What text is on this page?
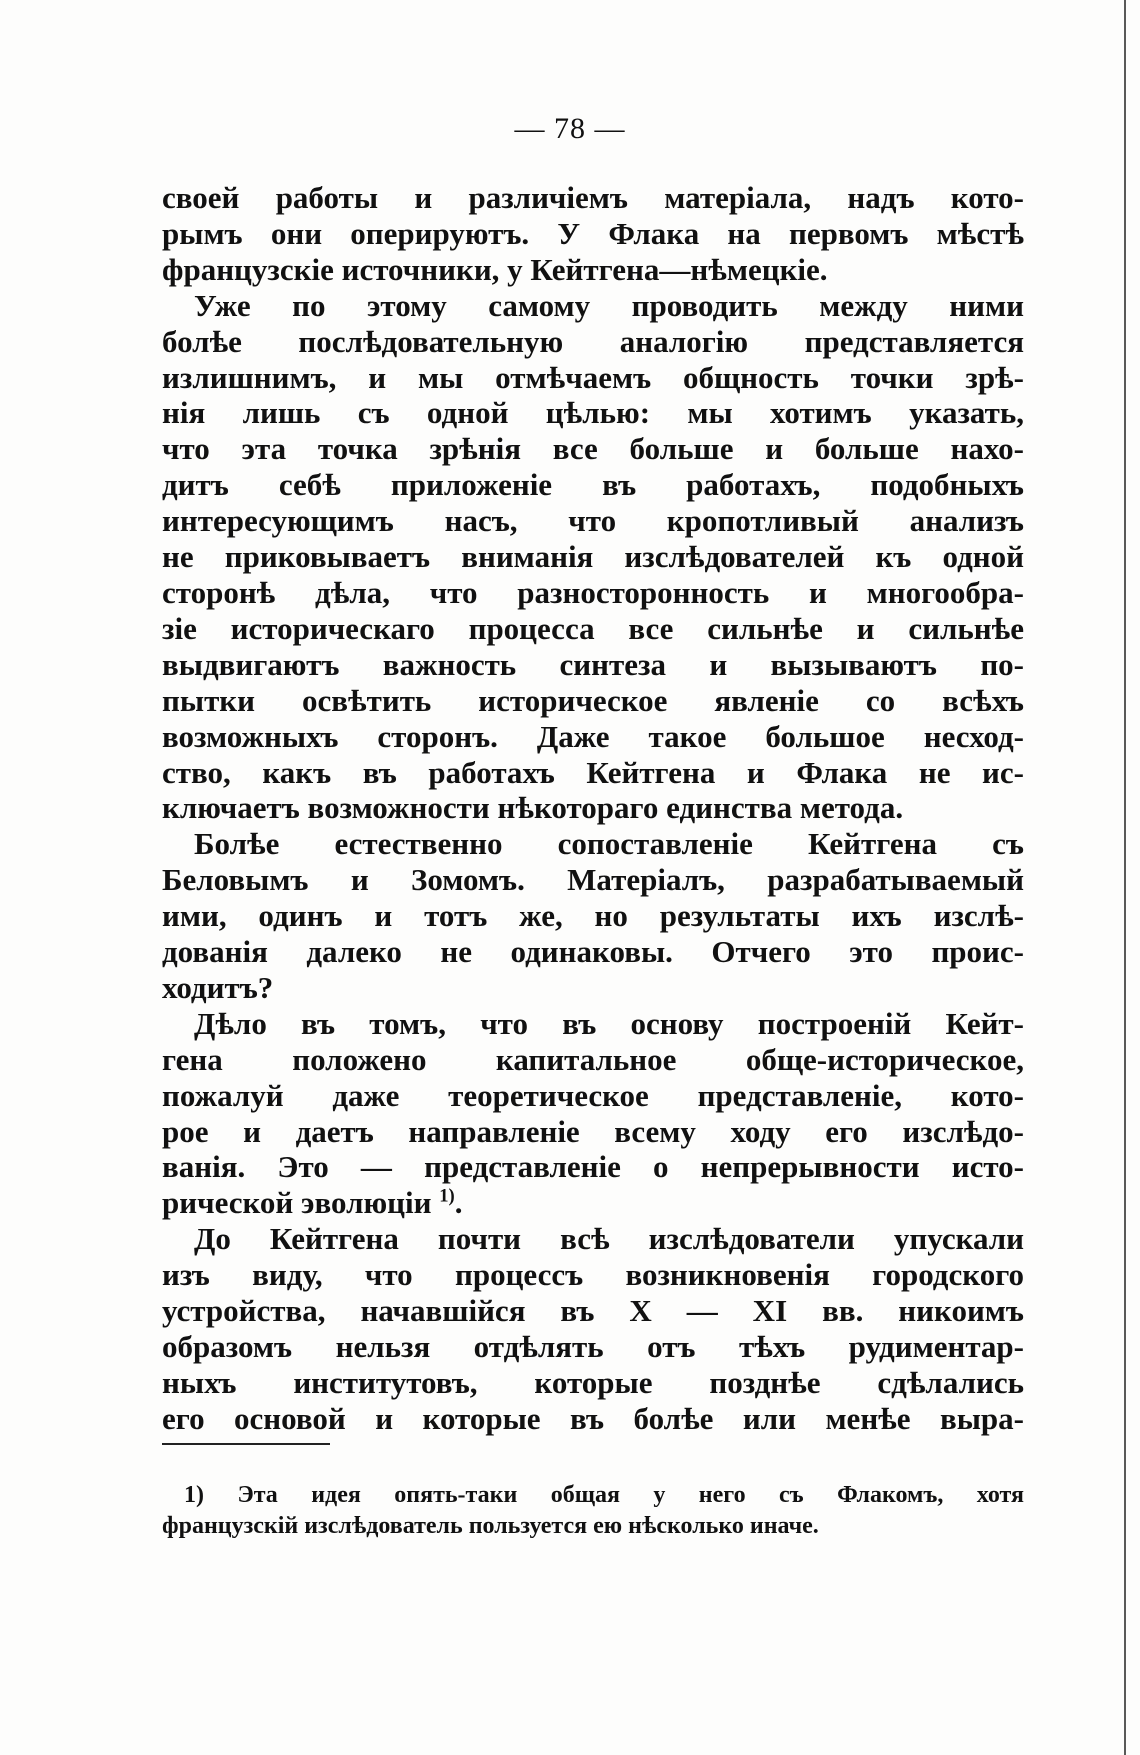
— 78 —
своей работы и различіемъ матеріала, надъ кото-
рымъ они оперируютъ. У Флака на первомъ мѣстѣ
французскіе источники, у Кейтгена—нѣмецкіе.
Уже по этому самому проводить между ними
болѣе послѣдовательную аналогію представляется
излишнимъ, и мы отмѣчаемъ общность точки зрѣ-
нія лишь съ одной цѣлью: мы хотимъ указать,
что эта точка зрѣнія все больше и больше нахо-
дитъ себѣ приложеніе въ работахъ, подобныхъ
интересующимъ насъ, что кропотливый анализъ
не приковываетъ вниманія изслѣдователей къ одной
сторонѣ дѣла, что разносторонность и многообра-
зіе историческаго процесса все сильнѣе и сильнѣе
выдвигаютъ важность синтеза и вызываютъ по-
пытки освѣтить историческое явленіе со всѣхъ
возможныхъ сторонъ. Даже такое большое несход-
ство, какъ въ работахъ Кейтгена и Флака не ис-
ключаетъ возможности нѣкотораго единства метода.
Болѣе естественно сопоставленіе Кейтгена съ
Беловымъ и Зомомъ. Матеріалъ, разрабатываемый
ими, одинъ и тотъ же, но результаты ихъ изслѣ-
дованія далеко не одинаковы. Отчего это проис-
ходитъ?
Дѣло въ томъ, что въ основу построеній Кейт-
гена положено капитальное обще-историческое,
пожалуй даже теоретическое представленіе, кото-
рое и даетъ направленіе всему ходу его изслѣдо-
ванія. Это — представленіе о непрерывности исто-
рической эволюціи $^{1)}$.
До Кейтгена почти всѣ изслѣдователи упускали
изъ виду, что процессъ возникновенія городского
устройства, начавшійся въ X — XI вв. никоимъ
образомъ нельзя отдѣлять отъ тѣхъ рудиментар-
ныхъ институтовъ, которые позднѣе сдѣлались
его основой и которые въ болѣе или менѣе выра-
1) Эта идея опять-таки общая у него съ Флакомъ, хотя
французскій изслѣдователь пользуется ею нѣсколько иначе.
